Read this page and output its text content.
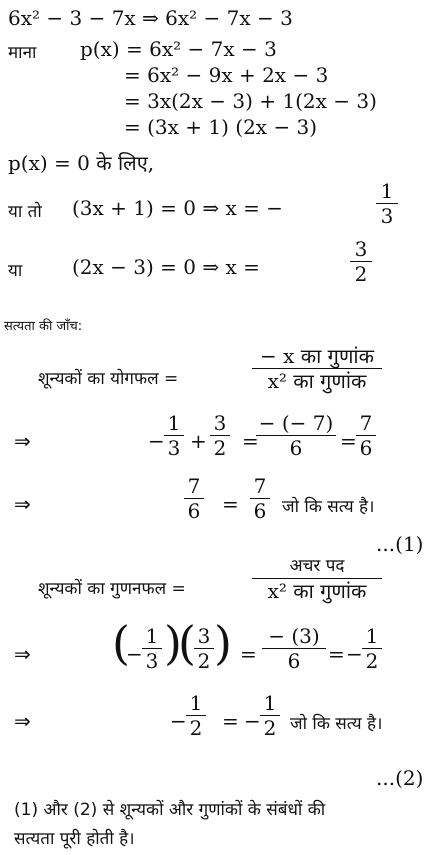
6x² − 3 − 7x ⇒ 6x² − 7x − 3
माना p(x) = 6x² − 7x − 3
= 6x² − 9x + 2x − 3
= 3x(2x − 3) + 1(2x − 3)
= (3x + 1) (2x − 3)
p(x) = 0 के लिए,
या तो (3x + 1) = 0 ⇒ x = −
1
3
या (2x − 3) = 0 ⇒ x =
3
2
सत्यता की जाँच:
शून्यकों का योगफल =
− x का गुणांक
x² का गुणांक
⇒	−
1
3 +
3
2 =
− (− 7)
6	=
7
6
⇒
7
6 =
7
6 जो कि सत्य है।
...(1)
शून्यकों का गुणनफल =
अचर पद
x² का गुणांक
⇒ (
−
1
3 )
( 3
2 ) =
− (3)
6	= −
1
2
⇒	−
1
2 = −
1
2 जो कि सत्य है।
...(2)
(1) और (2) से शून्यकों और गुणांकों के संबंधों की
सत्यता पूरी होती है।
